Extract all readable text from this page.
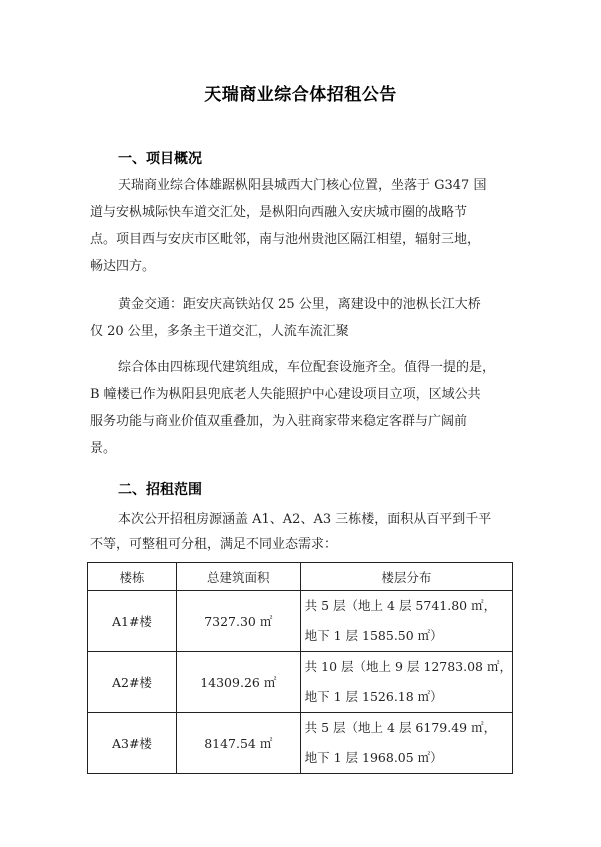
天瑞商业综合体招租公告
一、项目概况
天瑞商业综合体雄踞枞阳县城西大门核心位置，坐落于 G347 国
道与安枞城际快车道交汇处，是枞阳向西融入安庆城市圈的战略节
点。项目西与安庆市区毗邻，南与池州贵池区隔江相望，辐射三地，
畅达四方。
黄金交通：距安庆高铁站仅 25 公里，离建设中的池枞长江大桥
仅 20 公里，多条主干道交汇，人流车流汇聚
综合体由四栋现代建筑组成，车位配套设施齐全。值得一提的是，
B 幢楼已作为枞阳县兜底老人失能照护中心建设项目立项，区域公共
服务功能与商业价值双重叠加，为入驻商家带来稳定客群与广阔前
景。
二、招租范围
本次公开招租房源涵盖 A1、A2、A3 三栋楼，面积从百平到千平
不等，可整租可分租，满足不同业态需求：
楼栋	总建筑面积	楼层分布
A1#楼	7327.30 ㎡	共 5 层（地上 4 层 5741.80 ㎡，
地下 1 层 1585.50 ㎡）

A2#楼	14309.26 ㎡	共 10 层（地上 9 层 12783.08 ㎡，
地下 1 层 1526.18 ㎡）

A3#楼	8147.54 ㎡	共 5 层（地上 4 层 6179.49 ㎡，
地下 1 层 1968.05 ㎡）
